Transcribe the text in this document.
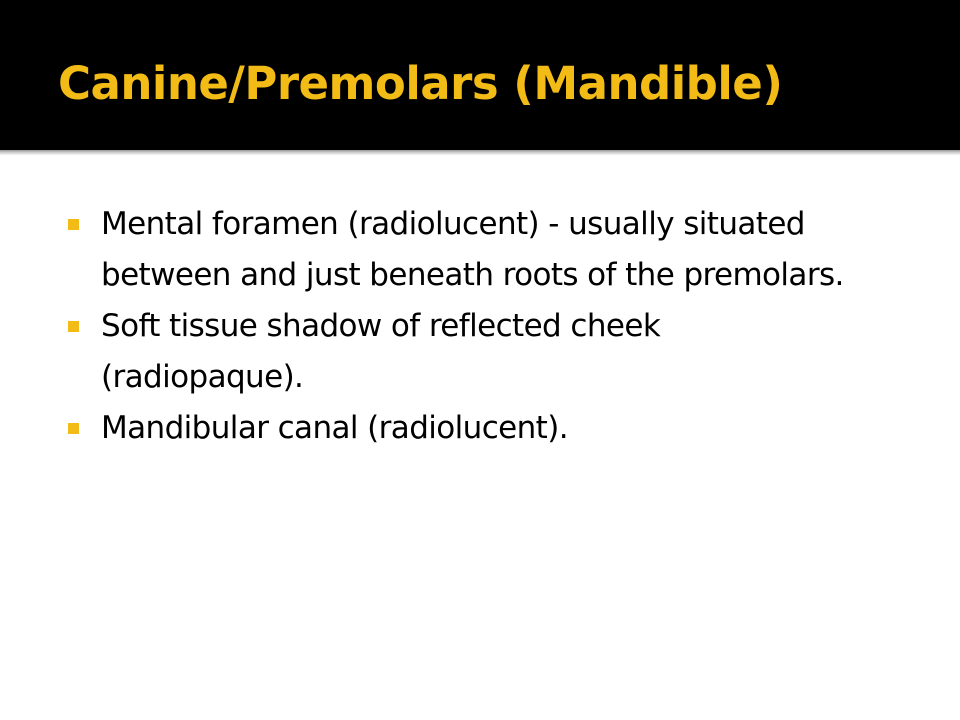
Canine/Premolars (Mandible)
Mental foramen (radiolucent) - usually situated between and just beneath roots of the premolars.
Soft tissue shadow of reflected cheek (radiopaque).
Mandibular canal (radiolucent).
